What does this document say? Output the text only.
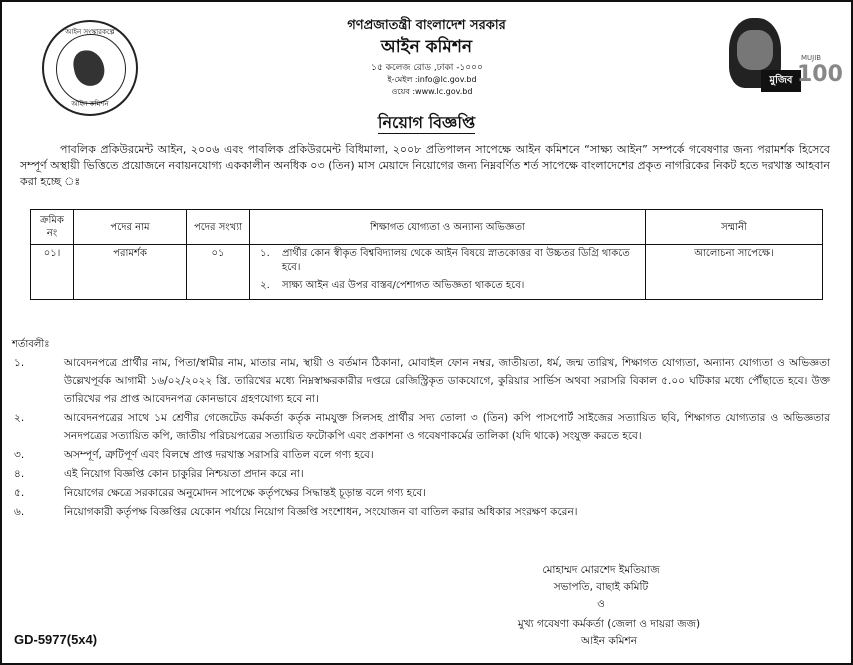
আইন সংস্কারকল্পে
আইন কমিশন
গণপ্রজাতন্ত্রী বাংলাদেশ সরকার
আইন কমিশন
১৫ কলেজ রোড ,ঢাকা -১০০০
ই-মেইল :info@lc.gov.bd
ওয়েব :www.lc.gov.bd
MUJIB
মুজিব 100
নিয়োগ বিজ্ঞপ্তি
পাবলিক প্রকিউরমেন্ট আইন, ২০০৬ এবং পাবলিক প্রকিউরমেন্ট বিধিমালা, ২০০৮ প্রতিপালন সাপেক্ষে আইন কমিশনে “সাক্ষ্য আইন” সম্পর্কে গবেষণার জন্য পরামর্শক হিসেবে সম্পূর্ণ অস্থায়ী ভিত্তিতে প্রয়োজনে নবায়নযোগ্য এককালীন অনধিক ০৩ (তিন) মাস মেয়াদে নিয়োগের জন্য নিম্নবর্ণিত শর্ত সাপেক্ষে বাংলাদেশের প্রকৃত নাগরিকের নিকট হতে দরখাস্ত আহবান করা হচ্ছে ঃ
ক্রমিক নং	পদের নাম	পদের সংখ্যা	শিক্ষাগত যোগ্যতা ও অন্যান্য অভিজ্ঞতা	সম্মানী
০১।	পরামর্শক	০১	১. প্রার্থীর কোন স্বীকৃত বিশ্ববিদ্যালয় থেকে আইন বিষয়ে স্নাতকোত্তর বা উচ্চতর ডিগ্রি থাকতে হবে।
২. সাক্ষ্য আইন এর উপর বাস্তব/পেশাগত অভিজ্ঞতা থাকতে হবে।	আলোচনা সাপেক্ষে।
শর্তাবলীঃ
১.	আবেদনপত্রে প্রার্থীর নাম, পিতা/স্বামীর নাম, মাতার নাম, স্থায়ী ও বর্তমান ঠিকানা, মোবাইল ফোন নম্বর, জাতীয়তা, ধর্ম, জন্ম তারিখ, শিক্ষাগত যোগ্যতা, অন্যান্য যোগ্যতা ও অভিজ্ঞতা উল্লেখপূর্বক আগামী ১৬/০২/২০২২ খ্রি. তারিখের মধ্যে নিম্নস্বাক্ষরকারীর দপ্তরে রেজিস্ট্রিকৃত ডাকযোগে, কুরিয়ার সার্ভিস অথবা সরাসরি বিকাল ৫.০০ ঘটিকার মধ্যে পৌঁছাতে হবে। উক্ত তারিখের পর প্রাপ্ত আবেদনপত্র কোনভাবে গ্রহণযোগ্য হবে না।
২.	আবেদনপত্রের সাথে ১ম শ্রেণীর গেজেটেড কর্মকর্তা কর্তৃক নামযুক্ত সিলসহ প্রার্থীর সদ্য তোলা ৩ (তিন) কপি পাসপোর্ট সাইজের সত্যায়িত ছবি, শিক্ষাগত যোগ্যতার ও অভিজ্ঞতার সনদপত্রের সত্যায়িত কপি, জাতীয় পরিচয়পত্রের সত্যায়িত ফটোকপি এবং প্রকাশনা ও গবেষণাকর্মের তালিকা (যদি থাকে) সংযুক্ত করতে হবে।
৩.	অসম্পূর্ণ, ত্রুটিপূর্ণ এবং বিলম্বে প্রাপ্ত দরখাস্ত সরাসরি বাতিল বলে গণ্য হবে।
৪.	এই নিয়োগ বিজ্ঞপ্তি কোন চাকুরির নিশ্চয়তা প্রদান করে না।
৫.	নিয়োগের ক্ষেত্রে সরকারের অনুমোদন সাপেক্ষে কর্তৃপক্ষের সিদ্ধান্তই চূড়ান্ত বলে গণ্য হবে।
৬.	নিয়োগকারী কর্তৃপক্ষ বিজ্ঞপ্তির যেকোন পর্যায়ে নিয়োগ বিজ্ঞপ্তি সংশোধন, সংযোজন বা বাতিল করার অধিকার সংরক্ষণ করেন।
মোহাম্মদ মোরশেদ ইমতিয়াজ
সভাপতি, বাছাই কমিটি
ও
মুখ্য গবেষণা কর্মকর্তা (জেলা ও দায়রা জজ)
আইন কমিশন
GD-5977(5x4)
